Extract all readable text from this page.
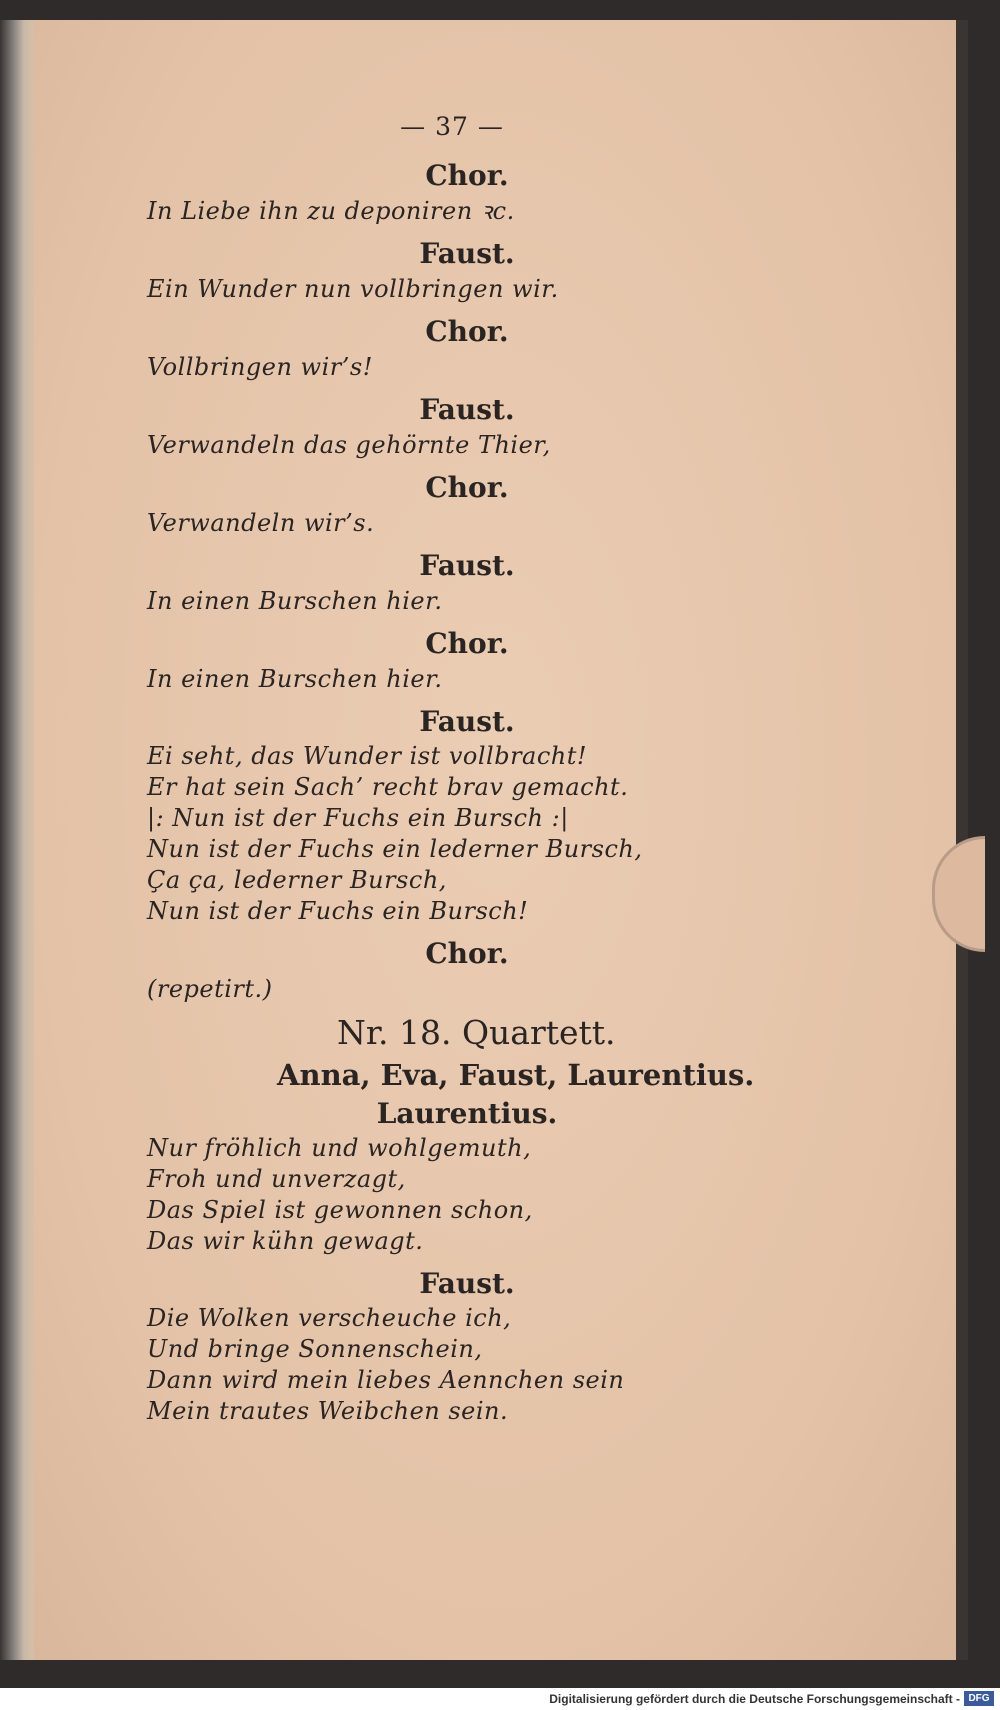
— 37 —
Chor.
In Liebe ihn zu deponiren ꝛc.
Faust.
Ein Wunder nun vollbringen wir.
Chor.
Vollbringen wir’s!
Faust.
Verwandeln das gehörnte Thier,
Chor.
Verwandeln wir’s.
Faust.
In einen Burschen hier.
Chor.
In einen Burschen hier.
Faust.
Ei seht, das Wunder ist vollbracht!
Er hat sein Sach’ recht brav gemacht.
|: Nun ist der Fuchs ein Bursch :|
Nun ist der Fuchs ein lederner Bursch,
Ça ça, lederner Bursch,
Nun ist der Fuchs ein Bursch!
Chor.
(repetirt.)
Nr. 18. Quartett.
Anna, Eva, Faust, Laurentius.
Laurentius.
Nur fröhlich und wohlgemuth,
Froh und unverzagt,
Das Spiel ist gewonnen schon,
Das wir kühn gewagt.
Faust.
Die Wolken verscheuche ich,
Und bringe Sonnenschein,
Dann wird mein liebes Aennchen sein
Mein trautes Weibchen sein.
Digitalisierung gefördert durch die Deutsche Forschungsgemeinschaft - DFG
